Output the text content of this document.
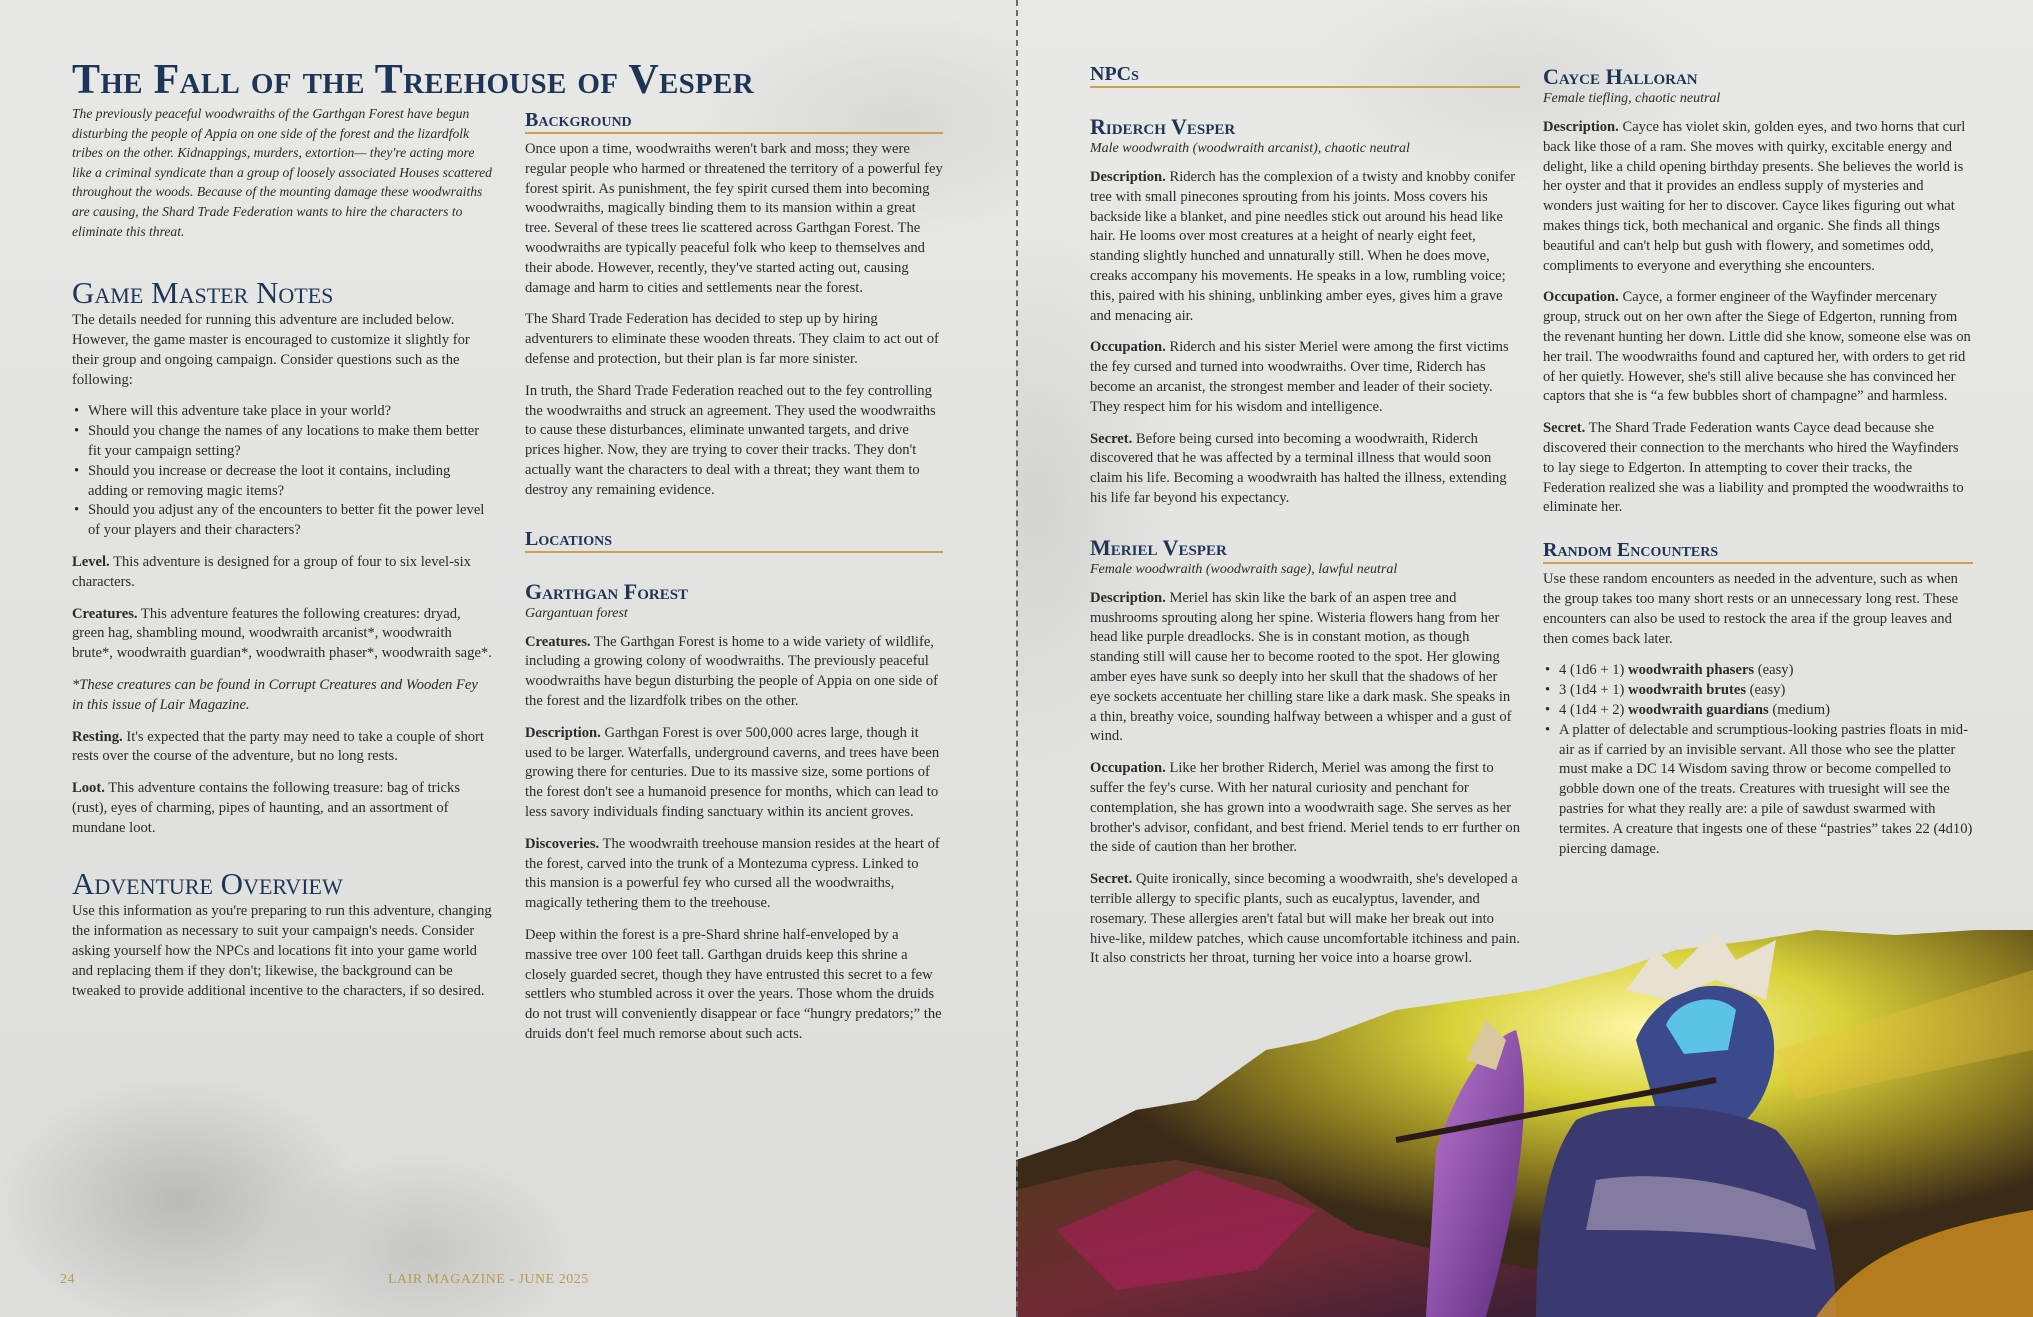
The Fall of the Treehouse of Vesper

The previously peaceful woodwraiths of the Garthgan Forest have begun disturbing the people of Appia on one side of the forest and the lizardfolk tribes on the other. Kidnappings, murders, extortion— they're acting more like a criminal syndicate than a group of loosely associated Houses scattered throughout the woods. Because of the mounting damage these woodwraiths are causing, the Shard Trade Federation wants to hire the characters to eliminate this threat.

Game Master Notes

The details needed for running this adventure are included below. However, the game master is encouraged to customize it slightly for their group and ongoing campaign. Consider questions such as the following:

• Where will this adventure take place in your world?
• Should you change the names of any locations to make them better fit your campaign setting?
• Should you increase or decrease the loot it contains, including adding or removing magic items?
• Should you adjust any of the encounters to better fit the power level of your players and their characters?

Level. This adventure is designed for a group of four to six level-six characters.

Creatures. This adventure features the following creatures: dryad, green hag, shambling mound, woodwraith arcanist*, woodwraith brute*, woodwraith guardian*, woodwraith phaser*, woodwraith sage*.

*These creatures can be found in Corrupt Creatures and Wooden Fey in this issue of Lair Magazine.

Resting. It's expected that the party may need to take a couple of short rests over the course of the adventure, but no long rests.

Loot. This adventure contains the following treasure: bag of tricks (rust), eyes of charming, pipes of haunting, and an assortment of mundane loot.

Adventure Overview

Use this information as you're preparing to run this adventure, changing the information as necessary to suit your campaign's needs. Consider asking yourself how the NPCs and locations fit into your game world and replacing them if they don't; likewise, the background can be tweaked to provide additional incentive to the characters, if so desired.

Background

Once upon a time, woodwraiths weren't bark and moss; they were regular people who harmed or threatened the territory of a powerful fey forest spirit. As punishment, the fey spirit cursed them into becoming woodwraiths, magically binding them to its mansion within a great tree. Several of these trees lie scattered across Garthgan Forest. The woodwraiths are typically peaceful folk who keep to themselves and their abode. However, recently, they've started acting out, causing damage and harm to cities and settlements near the forest.

The Shard Trade Federation has decided to step up by hiring adventurers to eliminate these wooden threats. They claim to act out of defense and protection, but their plan is far more sinister.

In truth, the Shard Trade Federation reached out to the fey controlling the woodwraiths and struck an agreement. They used the woodwraiths to cause these disturbances, eliminate unwanted targets, and drive prices higher. Now, they are trying to cover their tracks. They don't actually want the characters to deal with a threat; they want them to destroy any remaining evidence.

Locations
Garthgan Forest

Gargantuan forest

Creatures. The Garthgan Forest is home to a wide variety of wildlife, including a growing colony of woodwraiths. The previously peaceful woodwraiths have begun disturbing the people of Appia on one side of the forest and the lizardfolk tribes on the other.

Description. Garthgan Forest is over 500,000 acres large, though it used to be larger. Waterfalls, underground caverns, and trees have been growing there for centuries. Due to its massive size, some portions of the forest don't see a humanoid presence for months, which can lead to less savory individuals finding sanctuary within its ancient groves.

Discoveries. The woodwraith treehouse mansion resides at the heart of the forest, carved into the trunk of a Montezuma cypress. Linked to this mansion is a powerful fey who cursed all the woodwraiths, magically tethering them to the treehouse.

Deep within the forest is a pre-Shard shrine half-enveloped by a massive tree over 100 feet tall. Garthgan druids keep this shrine a closely guarded secret, though they have entrusted this secret to a few settlers who stumbled across it over the years. Those whom the druids do not trust will conveniently disappear or face “hungry predators;” the druids don't feel much remorse about such acts.

24	LAIR MAGAZINE - JUNE 2025
NPCs
Riderch Vesper

Male woodwraith (woodwraith arcanist), chaotic neutral

Description. Riderch has the complexion of a twisty and knobby conifer tree with small pinecones sprouting from his joints. Moss covers his backside like a blanket, and pine needles stick out around his head like hair. He looms over most creatures at a height of nearly eight feet, standing slightly hunched and unnaturally still. When he does move, creaks accompany his movements. He speaks in a low, rumbling voice; this, paired with his shining, unblinking amber eyes, gives him a grave and menacing air.

Occupation. Riderch and his sister Meriel were among the first victims the fey cursed and turned into woodwraiths. Over time, Riderch has become an arcanist, the strongest member and leader of their society. They respect him for his wisdom and intelligence.

Secret. Before being cursed into becoming a woodwraith, Riderch discovered that he was affected by a terminal illness that would soon claim his life. Becoming a woodwraith has halted the illness, extending his life far beyond his expectancy.

Meriel Vesper

Female woodwraith (woodwraith sage), lawful neutral

Description. Meriel has skin like the bark of an aspen tree and mushrooms sprouting along her spine. Wisteria flowers hang from her head like purple dreadlocks. She is in constant motion, as though standing still will cause her to become rooted to the spot. Her glowing amber eyes have sunk so deeply into her skull that the shadows of her eye sockets accentuate her chilling stare like a dark mask. She speaks in a thin, breathy voice, sounding halfway between a whisper and a gust of wind.

Occupation. Like her brother Riderch, Meriel was among the first to suffer the fey's curse. With her natural curiosity and penchant for contemplation, she has grown into a woodwraith sage. She serves as her brother's advisor, confidant, and best friend. Meriel tends to err further on the side of caution than her brother.

Secret. Quite ironically, since becoming a woodwraith, she's developed a terrible allergy to specific plants, such as eucalyptus, lavender, and rosemary. These allergies aren't fatal but will make her break out into hive-like, mildew patches, which cause uncomfortable itchiness and pain. It also constricts her throat, turning her voice into a hoarse growl.

Cayce Halloran

Female tiefling, chaotic neutral

Description. Cayce has violet skin, golden eyes, and two horns that curl back like those of a ram. She moves with quirky, excitable energy and delight, like a child opening birthday presents. She believes the world is her oyster and that it provides an endless supply of mysteries and wonders just waiting for her to discover. Cayce likes figuring out what makes things tick, both mechanical and organic. She finds all things beautiful and can't help but gush with flowery, and sometimes odd, compliments to everyone and everything she encounters.

Occupation. Cayce, a former engineer of the Wayfinder mercenary group, struck out on her own after the Siege of Edgerton, running from the revenant hunting her down. Little did she know, someone else was on her trail. The woodwraiths found and captured her, with orders to get rid of her quietly. However, she's still alive because she has convinced her captors that she is “a few bubbles short of champagne” and harmless.

Secret. The Shard Trade Federation wants Cayce dead because she discovered their connection to the merchants who hired the Wayfinders to lay siege to Edgerton. In attempting to cover their tracks, the Federation realized she was a liability and prompted the woodwraiths to eliminate her.

Random Encounters

Use these random encounters as needed in the adventure, such as when the group takes too many short rests or an unnecessary long rest. These encounters can also be used to restock the area if the group leaves and then comes back later.

• 4 (1d6 + 1) woodwraith phasers (easy)
• 3 (1d4 + 1) woodwraith brutes (easy)
• 4 (1d4 + 2) woodwraith guardians (medium)
• A platter of delectable and scrumptious-looking pastries floats in mid-air as if carried by an invisible servant. All those who see the platter must make a DC 14 Wisdom saving throw or become compelled to gobble down one of the treats. Creatures with truesight will see the pastries for what they really are: a pile of sawdust swarmed with termites. A creature that ingests one of these “pastries” takes 22 (4d10) piercing damage.
